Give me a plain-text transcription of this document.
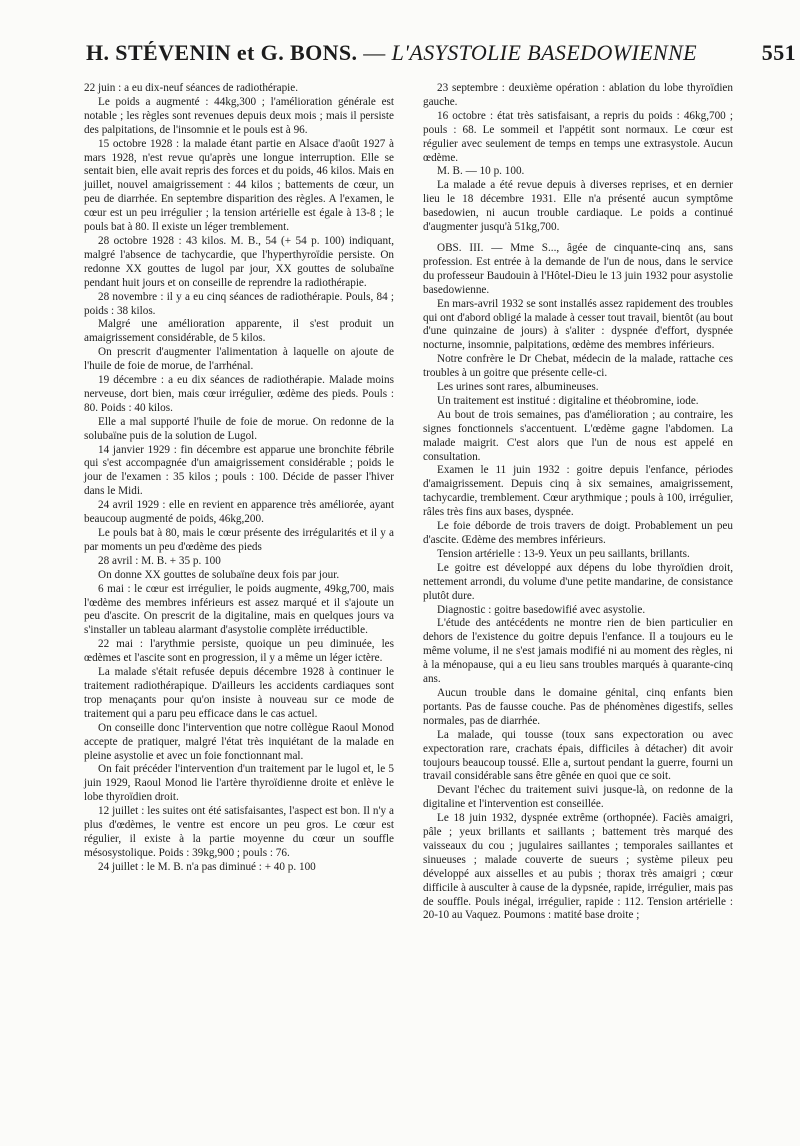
H. STÉVENIN et G. BONS. — L'ASYSTOLIE BASEDOWIENNE	551

22 juin : a eu dix-neuf séances de radiothérapie.

Le poids a augmenté : 44kg,300 ; l'amélioration générale est notable ; les règles sont revenues depuis deux mois ; mais il persiste des palpitations, de l'insomnie et le pouls est à 96.

15 octobre 1928 : la malade étant partie en Alsace d'août 1927 à mars 1928, n'est revue qu'après une longue interruption. Elle se sentait bien, elle avait repris des forces et du poids, 46 kilos. Mais en juillet, nouvel amaigrissement : 44 kilos ; battements de cœur, un peu de diarrhée. En septembre disparition des règles. A l'examen, le cœur est un peu irrégulier ; la tension artérielle est égale à 13-8 ; le pouls bat à 80. Il existe un léger tremblement.

28 octobre 1928 : 43 kilos. M. B., 54 (+ 54 p. 100) indiquant, malgré l'absence de tachycardie, que l'hyperthyroïdie persiste. On redonne XX gouttes de lugol par jour, XX gouttes de solubaïne pendant huit jours et on conseille de reprendre la radiothérapie.

28 novembre : il y a eu cinq séances de radiothérapie. Pouls, 84 ; poids : 38 kilos.

Malgré une amélioration apparente, il s'est produit un amaigrissement considérable, de 5 kilos.

On prescrit d'augmenter l'alimentation à laquelle on ajoute de l'huile de foie de morue, de l'arrhénal.

19 décembre : a eu dix séances de radiothérapie. Malade moins nerveuse, dort bien, mais cœur irrégulier, œdème des pieds. Pouls : 80. Poids : 40 kilos.

Elle a mal supporté l'huile de foie de morue. On redonne de la solubaïne puis de la solution de Lugol.

14 janvier 1929 : fin décembre est apparue une bronchite fébrile qui s'est accompagnée d'un amaigrissement considérable ; poids le jour de l'examen : 35 kilos ; pouls : 100. Décide de passer l'hiver dans le Midi.

24 avril 1929 : elle en revient en apparence très améliorée, ayant beaucoup augmenté de poids, 46kg,200.

Le pouls bat à 80, mais le cœur présente des irrégularités et il y a par moments un peu d'œdème des pieds

28 avril : M. B. + 35 p. 100

On donne XX gouttes de solubaïne deux fois par jour.

6 mai : le cœur est irrégulier, le poids augmente, 49kg,700, mais l'œdème des membres inférieurs est assez marqué et il s'ajoute un peu d'ascite. On prescrit de la digitaline, mais en quelques jours va s'installer un tableau alarmant d'asystolie complète irréductible.

22 mai : l'arythmie persiste, quoique un peu diminuée, les œdèmes et l'ascite sont en progression, il y a même un léger ictère.

La malade s'était refusée depuis décembre 1928 à continuer le traitement radiothérapique. D'ailleurs les accidents cardiaques sont trop menaçants pour qu'on insiste à nouveau sur ce mode de traitement qui a paru peu efficace dans le cas actuel.

On conseille donc l'intervention que notre collègue Raoul Monod accepte de pratiquer, malgré l'état très inquiétant de la malade en pleine asystolie et avec un foie fonctionnant mal.

On fait précéder l'intervention d'un traitement par le lugol et, le 5 juin 1929, Raoul Monod lie l'artère thyroïdienne droite et enlève le lobe thyroïdien droit.

12 juillet : les suites ont été satisfaisantes, l'aspect est bon. Il n'y a plus d'œdèmes, le ventre est encore un peu gros. Le cœur est régulier, il existe à la partie moyenne du cœur un souffle mésosystolique. Poids : 39kg,900 ; pouls : 76.

24 juillet : le M. B. n'a pas diminué : + 40 p. 100

23 septembre : deuxième opération : ablation du lobe thyroïdien gauche.

16 octobre : état très satisfaisant, a repris du poids : 46kg,700 ; pouls : 68. Le sommeil et l'appétit sont normaux. Le cœur est régulier avec seulement de temps en temps une extrasystole. Aucun œdème.

M. B. — 10 p. 100.

La malade a été revue depuis à diverses reprises, et en dernier lieu le 18 décembre 1931. Elle n'a présenté aucun symptôme basedowien, ni aucun trouble cardiaque. Le poids a continué d'augmenter jusqu'à 51kg,700.

OBS. III. — Mme S..., âgée de cinquante-cinq ans, sans profession. Est entrée à la demande de l'un de nous, dans le service du professeur Baudouin à l'Hôtel-Dieu le 13 juin 1932 pour asystolie basedowienne.

En mars-avril 1932 se sont installés assez rapidement des troubles qui ont d'abord obligé la malade à cesser tout travail, bientôt (au bout d'une quinzaine de jours) à s'aliter : dyspnée d'effort, dyspnée nocturne, insomnie, palpitations, œdème des membres inférieurs.

Notre confrère le Dr Chebat, médecin de la malade, rattache ces troubles à un goitre que présente celle-ci.

Les urines sont rares, albumineuses.

Un traitement est institué : digitaline et théobromine, iode.

Au bout de trois semaines, pas d'amélioration ; au contraire, les signes fonctionnels s'accentuent. L'œdème gagne l'abdomen. La malade maigrit. C'est alors que l'un de nous est appelé en consultation.

Examen le 11 juin 1932 : goitre depuis l'enfance, périodes d'amaigrissement. Depuis cinq à six semaines, amaigrissement, tachycardie, tremblement. Cœur arythmique ; pouls à 100, irrégulier, râles très fins aux bases, dyspnée.

Le foie déborde de trois travers de doigt. Probablement un peu d'ascite. Œdème des membres inférieurs.

Tension artérielle : 13-9. Yeux un peu saillants, brillants.

Le goitre est développé aux dépens du lobe thyroïdien droit, nettement arrondi, du volume d'une petite mandarine, de consistance plutôt dure.

Diagnostic : goitre basedowifié avec asystolie.

L'étude des antécédents ne montre rien de bien particulier en dehors de l'existence du goitre depuis l'enfance. Il a toujours eu le même volume, il ne s'est jamais modifié ni au moment des règles, ni à la ménopause, qui a eu lieu sans troubles marqués à quarante-cinq ans.

Aucun trouble dans le domaine génital, cinq enfants bien portants. Pas de fausse couche. Pas de phénomènes digestifs, selles normales, pas de diarrhée.

La malade, qui tousse (toux sans expectoration ou avec expectoration rare, crachats épais, difficiles à détacher) dit avoir toujours beaucoup toussé. Elle a, surtout pendant la guerre, fourni un travail considérable sans être gênée en quoi que ce soit.

Devant l'échec du traitement suivi jusque-là, on redonne de la digitaline et l'intervention est conseillée.

Le 18 juin 1932, dyspnée extrême (orthopnée). Faciès amaigri, pâle ; yeux brillants et saillants ; battement très marqué des vaisseaux du cou ; jugulaires saillantes ; temporales saillantes et sinueuses ; malade couverte de sueurs ; système pileux peu développé aux aisselles et au pubis ; thorax très amaigri ; cœur difficile à ausculter à cause de la dypsnée, rapide, irrégulier, mais pas de souffle. Pouls inégal, irrégulier, rapide : 112. Tension artérielle : 20-10 au Vaquez. Poumons : matité base droite ;
